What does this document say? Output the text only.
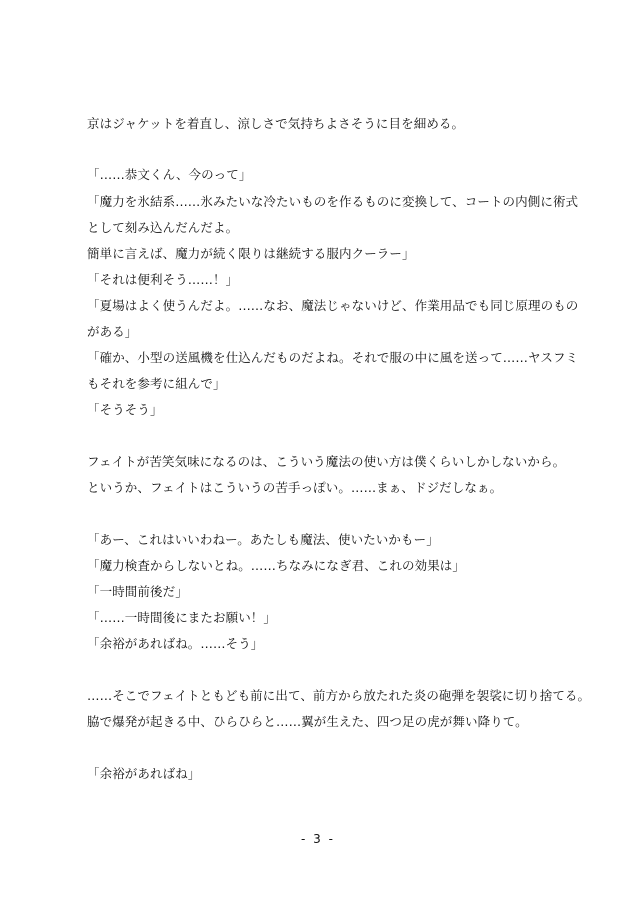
京はジャケットを着直し、涼しさで気持ちよさそうに目を細める。
「……恭文くん、今のって」
「魔力を氷結系……氷みたいな冷たいものを作るものに変換して、コートの内側に術式
として刻み込んだんだよ。
簡単に言えば、魔力が続く限りは継続する服内クーラー」
「それは便利そう……！」
「夏場はよく使うんだよ。……なお、魔法じゃないけど、作業用品でも同じ原理のもの
がある」
「確か、小型の送風機を仕込んだものだよね。それで服の中に風を送って……ヤスフミ
もそれを参考に組んで」
「そうそう」
フェイトが苦笑気味になるのは、こういう魔法の使い方は僕くらいしかしないから。
というか、フェイトはこういうの苦手っぽい。……まぁ、ドジだしなぁ。
「あー、これはいいわねー。あたしも魔法、使いたいかもー」
「魔力検査からしないとね。……ちなみになぎ君、これの効果は」
「一時間前後だ」
「……一時間後にまたお願い！」
「余裕があればね。……そう」
……そこでフェイトともども前に出て、前方から放たれた炎の砲弾を袈裟に切り捨てる。
脇で爆発が起きる中、ひらひらと……翼が生えた、四つ足の虎が舞い降りて。
「余裕があればね」
- 3 -
